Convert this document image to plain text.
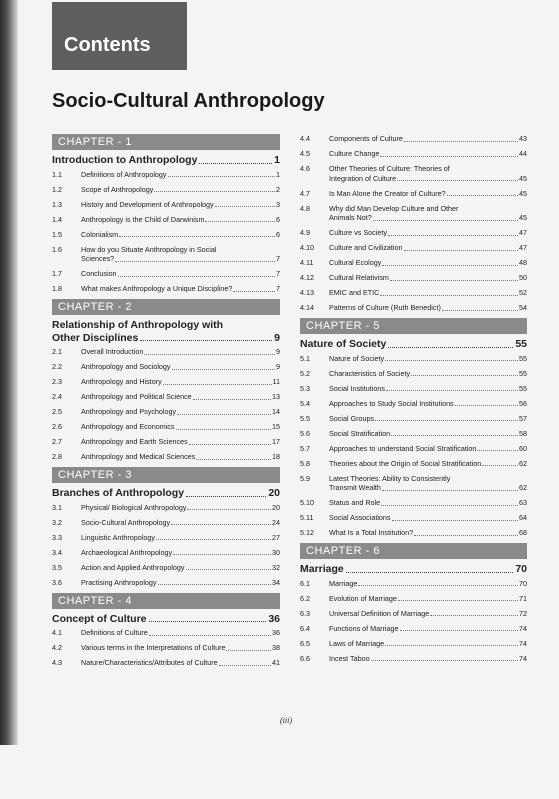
Contents
Socio-Cultural Anthropology
CHAPTER - 1
Introduction to Anthropology	1
1.1	Definitions of Anthropology	1
1.2	Scope of Anthropology	2
1.3	History and Development of Anthropology	3
1.4	Anthropology is the Child of Darwinism	6
1.5	Colonialism	6
1.6	How do you Situate Anthropology in Social
Sciences?	7
1.7	Conclusion	7
1.8	What makes Anthropology a Unique Discipline?	7
CHAPTER - 2
Relationship of Anthropology with
Other Disciplines	9
2.1	Overall Introduction	9
2.2	Anthropology and Sociology	9
2.3	Anthropology and History	11
2.4	Anthropology and Political Science	13
2.5	Anthropology and Psychology	14
2.6	Anthropology and Economics	15
2.7	Anthropology and Earth Sciences	17
2.8	Anthropology and Medical Sciences	18
CHAPTER - 3
Branches of Anthropology	20
3.1	Physical/ Biological Anthropology	20
3.2	Socio-Cultural Anthropology	24
3.3	Linguistic Anthropology	27
3.4	Archaeological Anthropology	30
3.5	Action and Applied Anthropology	32
3.6	Practising Anthropology	34
CHAPTER - 4
Concept of Culture	36
4.1	Definitions of Culture	36
4.2	Various terms in the Interpretations of Culture	38
4.3	Nature/Characteristics/Attributes of Culture	41
4.4	Components of Culture	43
4.5	Culture Change	44
4.6	Other Theories of Culture: Theories of
Integration of Culture	45
4.7	Is Man Alone the Creator of Culture?	45
4.8	Why did Man Develop Culture and Other
Animals Not?	45
4.9	Culture vs Society	47
4.10	Culture and Civilization	47
4.11	Cultural Ecology	48
4.12	Cultural Relativism	50
4.13	EMIC and ETIC	52
4.14	Patterns of Culture (Ruth Benedict)	54
CHAPTER - 5
Nature of Society	55
5.1	Nature of Society	55
5.2	Characteristics of Society	55
5.3	Social Institutions	55
5.4	Approaches to Study Social Institutions	56
5.5	Social Groups	57
5.6	Social Stratification	58
5.7	Approaches to understand Social Stratification	60
5.8	Theories about the Origin of Social Stratification	62
5.9	Latest Theories: Ability to Consistently
Transmit Wealth	62
5.10	Status and Role	63
5.11	Social Associations	64
5.12	What Is a Total Institution?	68
CHAPTER - 6
Marriage	70
6.1	Marriage	70
6.2	Evolution of Marriage	71
6.3	Universal Definition of Marriage	72
6.4	Functions of Marriage	74
6.5	Laws of Marriage	74
6.6	Incest Taboo	74
(iii)
